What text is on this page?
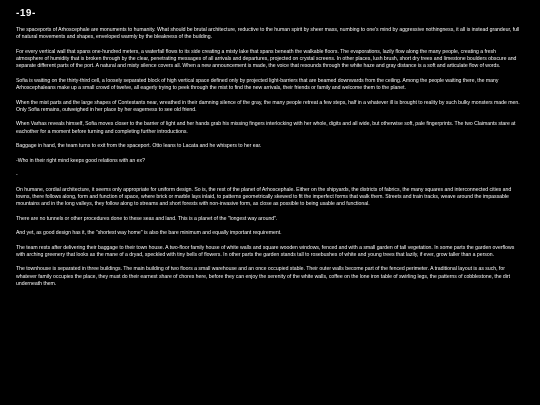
-19-

The spaceports of Arhoscephale are monuments to humanity. What should be brutal architecture, reductive to the human spirit by sheer mass, numbing to one's mind by aggressive nothingness, it all is instead grandeur, full of natural movements and shapes, enveloped warmly by the bleakness of the building.

For every vertical wall that spans one-hundred meters, a waterfall flows to its side creating a misty lake that spans beneath the walkable floors. The evaporations, lazily flow along the many people, creating a fresh atmosphere of humidity that is broken through by the clear, penetrating messages of all arrivals and departures, projected on crystal screens. In other places, lush brush, short dry trees and limestone boulders obscure and separate different parts of the port. A natural and misty silence covers all. When a new announcement is made, the voice that resounds through the white haze and gray distance is a soft and articulate flow of words.

Sofia is waiting on the thirty-third cell, a loosely separated block of high vertical space defined only by projected light-barriers that are beamed downwards from the ceiling. Among the people waiting there, the many Arhoscephaleans make up a small crowd of twelve, all eagerly trying to peek through the mist to find the new arrivals, their friends or family and welcome them to the planet.

When the mist parts and the large shapes of Contestants near, wreathed in their damning silence of the gray, the many people retreat a few steps, half in a whatever ill is brought to reality by such bulky monsters made men. Only Sofia remains, outweighed in her place by her eagerness to see old friend.

When Varhas reveals himself, Sofia moves closer to the barrier of light and her hands grab his missing fingers interlocking with her whole, digits and all wide, but otherwise soft, pale fingerprints. The two Claimants stare at eachother for a moment before turning and completing further introductions.

Baggage in hand, the team turns to exit from the spaceport. Otto leans to Lacata and he whispers to her ear.

-Who in their right mind keeps good relations with an ex?

-

On humane, cordial architecture, it seems only appropriate for uniform design. So is, the rest of the planet of Arhoscephale. Either on the shipyards, the districts of fabrics, the many squares and interconnected cities and towns, there follows along, form and function of space, where brick or marble lays inlaid, to patterns geometrically skewed to fit the imperfect forms that walk them. Streets and train tracks, weave around the impassable mountains and in the long valleys, they follow along to streams and short forests with non-invasive form, as close as possible to being usable and functional.

There are no tunnels or other procedures done to these seas and land. This is a planet of the "longest way around".

And yet, as good design has it, the "shortest way home" is also the bare minimum and equally important requirement.

The team rests after delivering their baggage to their town house. A two-floor family house of white walls and square wooden windows, fenced and with a small garden of tall vegetation. In some parts the garden overflows with arching greenery that looks as the mane of a dryad, speckled with tiny bells of flowers. In other parts the garden stands tall to rosebushes of white and young trees that lazily, if ever, grow taller than a person.

The townhouse is separated in three buildings. The main building of two floors a small warehouse and an once occupied stable. Their outer walls become part of the fenced perimeter. A traditional layout is as such, for whatever family occupies the place, they must do their earnest share of chores here, before they can enjoy the serenity of the white walls, coffee on the lone iron table of swirling legs, the patterns of cobblestone, the dirt underneath them.
